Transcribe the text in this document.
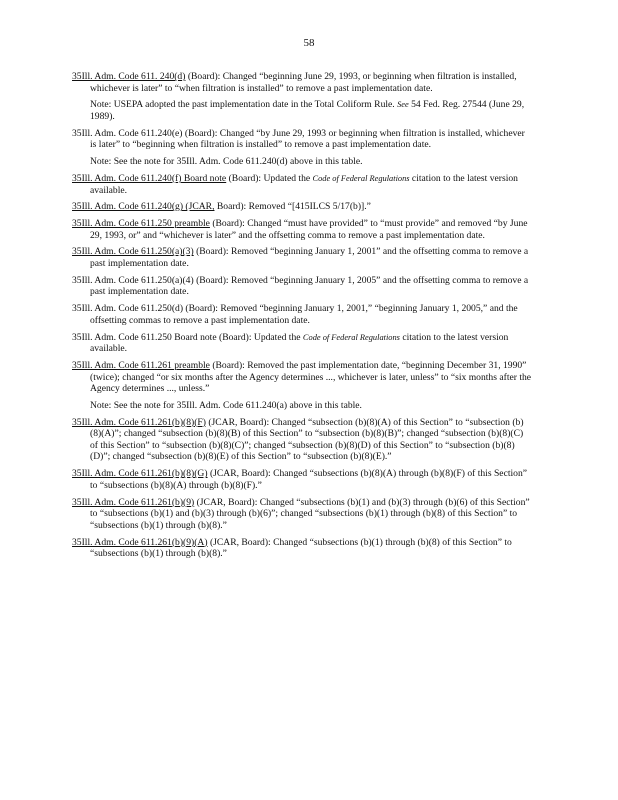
58

35Ill. Adm. Code 611. 240(d) (Board): Changed “beginning June 29, 1993, or beginning when filtration is installed, whichever is later” to “when filtration is installed” to remove a past implementation date.

Note: USEPA adopted the past implementation date in the Total Coliform Rule. See 54 Fed. Reg. 27544 (June 29, 1989).

35Ill. Adm. Code 611.240(e) (Board): Changed “by June 29, 1993 or beginning when filtration is installed, whichever is later” to “beginning when filtration is installed” to remove a past implementation date.

Note: See the note for 35Ill. Adm. Code 611.240(d) above in this table.

35Ill. Adm. Code 611.240(f) Board note (Board): Updated the Code of Federal Regulations citation to the latest version available.

35Ill. Adm. Code 611.240(g) (JCAR, Board): Removed “[415ILCS 5/17(b)].”

35Ill. Adm. Code 611.250 preamble (Board): Changed “must have provided” to “must provide” and removed “by June 29, 1993, or” and “whichever is later” and the offsetting comma to remove a past implementation date.

35Ill. Adm. Code 611.250(a)(3) (Board): Removed “beginning January 1, 2001” and the offsetting comma to remove a past implementation date.

35Ill. Adm. Code 611.250(a)(4) (Board): Removed “beginning January 1, 2005” and the offsetting comma to remove a past implementation date.

35Ill. Adm. Code 611.250(d) (Board): Removed “beginning January 1, 2001,” “beginning January 1, 2005,” and the offsetting commas to remove a past implementation date.

35Ill. Adm. Code 611.250 Board note (Board): Updated the Code of Federal Regulations citation to the latest version available.

35Ill. Adm. Code 611.261 preamble (Board): Removed the past implementation date, “beginning December 31, 1990” (twice); changed “or six months after the Agency determines ..., whichever is later, unless” to “six months after the Agency determines ..., unless.”

Note: See the note for 35Ill. Adm. Code 611.240(a) above in this table.

35Ill. Adm. Code 611.261(b)(8)(F) (JCAR, Board): Changed “subsection (b)(8)(A) of this Section” to “subsection (b)(8)(A)”; changed “subsection (b)(8)(B) of this Section” to “subsection (b)(8)(B)”; changed “subsection (b)(8)(C) of this Section” to “subsection (b)(8)(C)”; changed “subsection (b)(8)(D) of this Section” to “subsection (b)(8)(D)”; changed “subsection (b)(8)(E) of this Section” to “subsection (b)(8)(E).”

35Ill. Adm. Code 611.261(b)(8)(G) (JCAR, Board): Changed “subsections (b)(8)(A) through (b)(8)(F) of this Section” to “subsections (b)(8)(A) through (b)(8)(F).”

35Ill. Adm. Code 611.261(b)(9) (JCAR, Board): Changed “subsections (b)(1) and (b)(3) through (b)(6) of this Section” to “subsections (b)(1) and (b)(3) through (b)(6)”; changed “subsections (b)(1) through (b)(8) of this Section” to “subsections (b)(1) through (b)(8).”

35Ill. Adm. Code 611.261(b)(9)(A) (JCAR, Board): Changed “subsections (b)(1) through (b)(8) of this Section” to “subsections (b)(1) through (b)(8).”
